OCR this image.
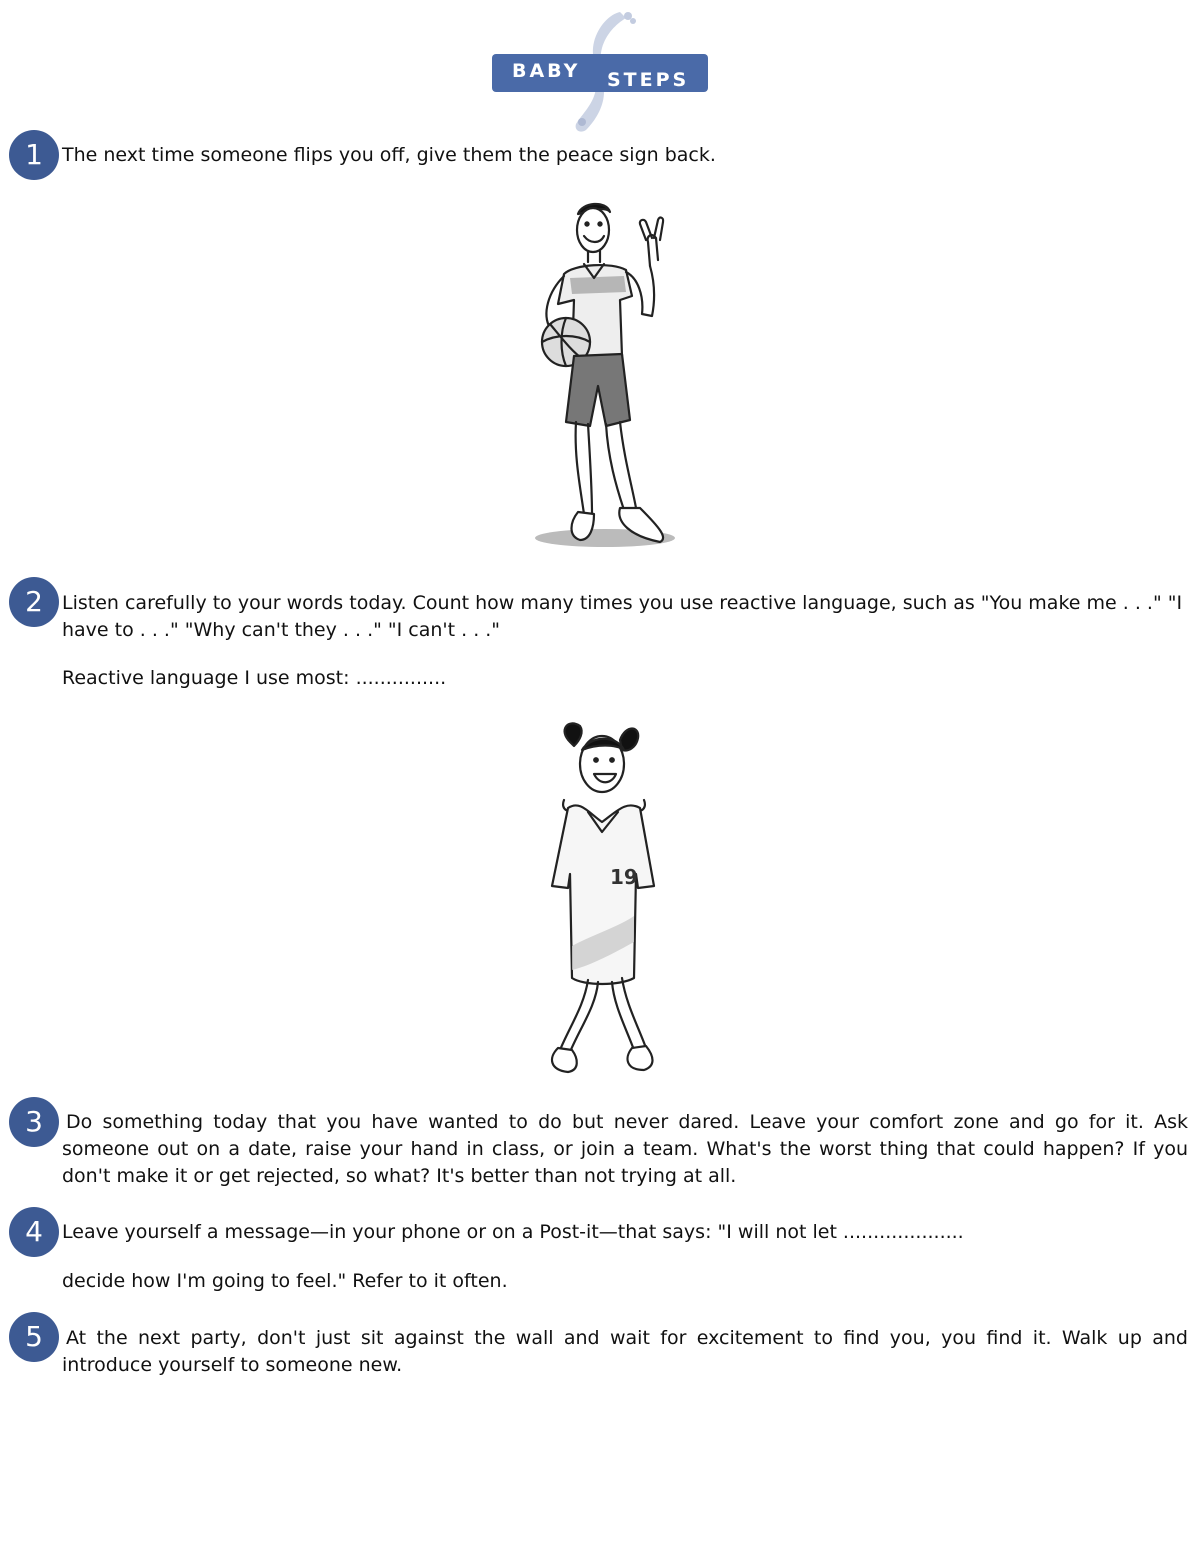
BABY STEPS
1	The next time someone flips you off, give them the peace sign back.

2	Listen carefully to your words today. Count how many times you use reactive language, such as "You make me . . ." "I have to . . ." "Why can't they . . ." "I can't . . ."

Reactive language I use most: ...............

19
3	Do something today that you have wanted to do but never dared. Leave your comfort zone and go for it. Ask someone out on a date, raise your hand in class, or join a team. What's the worst thing that could happen? If you don't make it or get rejected, so what? It's better than not trying at all.

4	Leave yourself a message—in your phone or on a Post-it—that says: "I will not let ....................

decide how I'm going to feel." Refer to it often.

5	At the next party, don't just sit against the wall and wait for excitement to find you, you find it. Walk up and introduce yourself to someone new.
